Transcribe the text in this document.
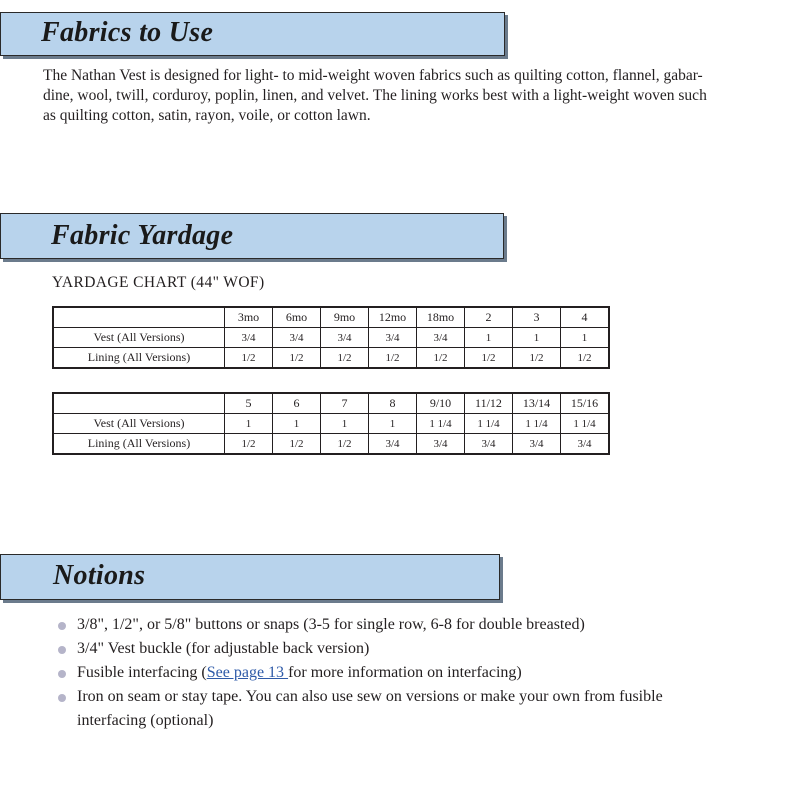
Fabrics to Use
The Nathan Vest is designed for light- to mid-weight woven fabrics such as quilting cotton, flannel, gabar-
dine, wool, twill, corduroy, poplin, linen, and velvet. The lining works best with a light-weight woven such
as quilting cotton, satin, rayon, voile, or cotton lawn.
Fabric Yardage
YARDAGE CHART (44" WOF)
	3mo	6mo	9mo	12mo	18mo	2	3	4
Vest (All Versions)	3/4	3/4	3/4	3/4	3/4	1	1	1
Lining (All Versions)	1/2	1/2	1/2	1/2	1/2	1/2	1/2	1/2
	5	6	7	8	9/10	11/12	13/14	15/16
Vest (All Versions)	1	1	1	1	1 1/4	1 1/4	1 1/4	1 1/4
Lining (All Versions)	1/2	1/2	1/2	3/4	3/4	3/4	3/4	3/4
Notions
3/8", 1/2", or 5/8" buttons or snaps (3-5 for single row, 6-8 for double breasted)
3/4" Vest buckle (for adjustable back version)
Fusible interfacing (See page 13 for more information on interfacing)
Iron on seam or stay tape. You can also use sew on versions or make your own from fusible
interfacing (optional)
